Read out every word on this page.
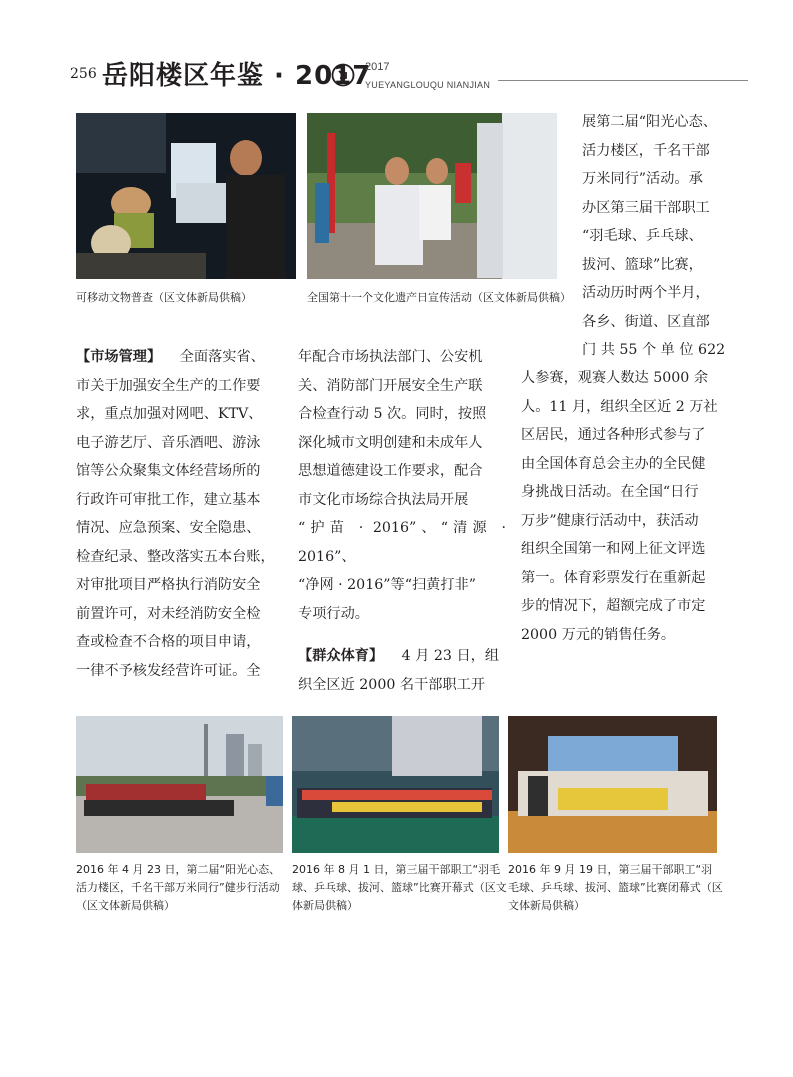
256 岳阳楼区年鉴 · 2017
2017
YUEYANGLOUQU NIANJIAN
可移动文物普查（区文体新局供稿）	全国第十一个文化遗产日宣传活动（区文体新局供稿）
展第二届“阳光心态、
活力楼区，千名干部
万米同行”活动。承
办区第三届干部职工
“羽毛球、乒乓球、
拔河、篮球”比赛，
活动历时两个半月，
各乡、街道、区直部
门 共 55 个 单 位 622
人参赛，观赛人数达 5000 余
人。11 月，组织全区近 2 万社
区居民，通过各种形式参与了
由全国体育总会主办的全民健
身挑战日活动。在全国“日行
万步”健康行活动中，获活动
组织全国第一和网上征文评选
第一。体育彩票发行在重新起
步的情况下，超额完成了市定
2000 万元的销售任务。
【市场管理】 全面落实省、
市关于加强安全生产的工作要
求，重点加强对网吧、KTV、
电子游艺厅、音乐酒吧、游泳
馆等公众聚集文体经营场所的
行政许可审批工作，建立基本
情况、应急预案、安全隐患、
检查纪录、整改落实五本台账，
对审批项目严格执行消防安全
前置许可，对未经消防安全检
查或检查不合格的项目申请，
一律不予核发经营许可证。全
年配合市场执法部门、公安机
关、消防部门开展安全生产联
合检查行动 5 次。同时，按照
深化城市文明创建和未成年人
思想道德建设工作要求，配合
市文化市场综合执法局开展
“护苗 · 2016”、“清源 · 2016”、
“净网 · 2016”等“扫黄打非”
专项行动。
【群众体育】 4 月 23 日，组
织全区近 2000 名干部职工开
2016 年 4 月 23 日，第二届“阳光心态、活力楼区，千名干部万米同行”健步行活动（区文体新局供稿）
2016 年 8 月 1 日，第三届干部职工“羽毛球、乒乓球、拔河、篮球”比赛开幕式（区文体新局供稿）
2016 年 9 月 19 日，第三届干部职工“羽毛球、乒乓球、拔河、篮球”比赛闭幕式（区文体新局供稿）
